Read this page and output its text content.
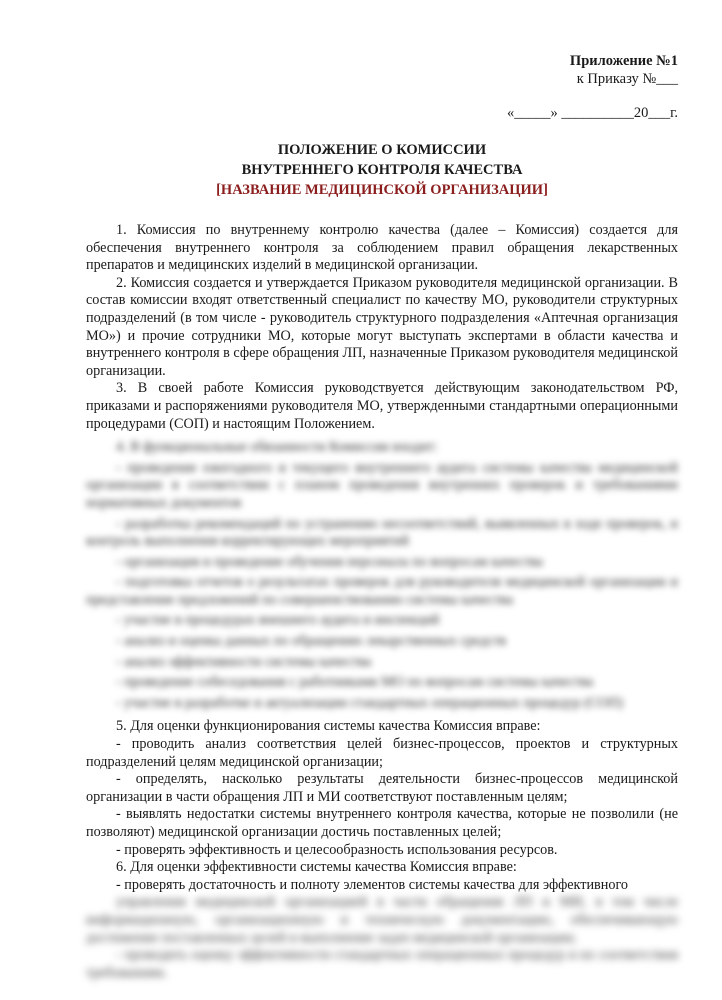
Приложение №1
к Приказу №___
«_____» __________20___г.
ПОЛОЖЕНИЕ О КОМИССИИ
ВНУТРЕННЕГО КОНТРОЛЯ КАЧЕСТВА
[НАЗВАНИЕ МЕДИЦИНСКОЙ ОРГАНИЗАЦИИ]

1. Комиссия по внутреннему контролю качества (далее – Комиссия) создается для обеспечения внутреннего контроля за соблюдением правил обращения лекарственных препаратов и медицинских изделий в медицинской организации.

2. Комиссия создается и утверждается Приказом руководителя медицинской организации. В состав комиссии входят ответственный специалист по качеству МО, руководители структурных подразделений (в том числе - руководитель структурного подразделения «Аптечная организация МО») и прочие сотрудники МО, которые могут выступать экспертами в области качества и внутреннего контроля в сфере обращения ЛП, назначенные Приказом руководителя медицинской организации.

3. В своей работе Комиссия руководствуется действующим законодательством РФ, приказами и распоряжениями руководителя МО, утвержденными стандартными операционными процедурами (СОП) и настоящим Положением.

4. В функциональные обязанности Комиссии входит:

- проведение ежегодного и текущего внутреннего аудита системы качества медицинской организации в соответствии с планом проведения внутренних проверок и требованиями нормативных документов

- разработка рекомендаций по устранению несоответствий, выявленных в ходе проверок, и контроль выполнения корректирующих мероприятий

- организация и проведение обучения персонала по вопросам качества

- подготовка отчетов о результатах проверок для руководителя медицинской организации и представление предложений по совершенствованию системы качества

- участие в процедурах внешнего аудита и инспекций

- анализ и оценка данных по обращению лекарственных средств

- анализ эффективности системы качества

- проведение собеседования с работниками МО по вопросам системы качества

- участие в разработке и актуализации стандартных операционных процедур (СОП)

5. Для оценки функционирования системы качества Комиссия вправе:

- проводить анализ соответствия целей бизнес-процессов, проектов и структурных подразделений целям медицинской организации;

- определять, насколько результаты деятельности бизнес-процессов медицинской организации в части обращения ЛП и МИ соответствуют поставленным целям;

- выявлять недостатки системы внутреннего контроля качества, которые не позволили (не позволяют) медицинской организации достичь поставленных целей;

- проверять эффективность и целесообразность использования ресурсов.

6. Для оценки эффективности системы качества Комиссия вправе:

- проверять достаточность и полноту элементов системы качества для эффективного

управления медицинской организацией в части обращения ЛП и МИ, в том числе информационную, организационную и техническую документацию, обеспечивающую достижение поставленных целей и выполнение задач медицинской организации;

- проводить оценку эффективности стандартных операционных процедур и их соответствия требованиям.
